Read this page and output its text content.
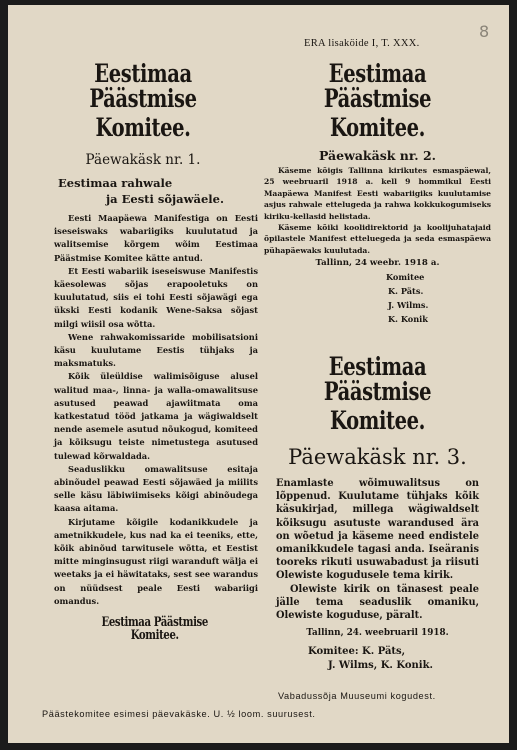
8
ERA lisaköide I, T. XXX.
Eestimaa Päästmise
Komitee.
Päewakäsk nr. 1.
Eestimaa rahwale
ja Eesti sõjawäele.

Eesti Maapäewa Manifestiga on Eesti iseseiswaks wabariigiks kuulutatud ja walitsemise kõrgem wõim Eestimaa Päästmise Komitee kätte antud.

Et Eesti wabariik iseseiswuse Manifestis käesolewas sõjas erapooletuks on kuulutatud, siis ei tohi Eesti sõjawägi ega ükski Eesti kodanik Wene-Saksa sõjast milgi wiisil osa wõtta.

Wene rahwakomissaride mobilisatsioni käsu kuulutame Eestis tühjaks ja maksmatuks.

Kõik üleüldise walimisõiguse alusel walitud maa-, linna- ja walla-omawalitsuse asutused peawad ajawiitmata oma katkestatud tööd jatkama ja wägiwaldselt nende asemele asutud nõukogud, komiteed ja kõiksugu teiste nimetustega asutused tulewad kõrwaldada.

Seaduslikku omawalitsuse esitaja abinõudel peawad Eesti sõjawäed ja miilits selle käsu läbiwiimiseks kõigi abinõudega kaasa aitama.

Kirjutame kõigile kodanikkudele ja ametnikkudele, kus nad ka ei teeniks, ette, kõik abinõud tarwitusele wõtta, et Eestist mitte minginsugust riigi waranduft wälja ei weetaks ja ei häwitataks, sest see warandus on nüüdsest peale Eesti wabariigi omandus.

Eestimaa Päästmise Komitee.
Eestimaa Päästmise
Komitee.
Päewakäsk nr. 2.

Käseme kõigis Tallinna kirikutes esmaspäewal, 25 weebruaril 1918 a. kell 9 hommikul Eesti Maapäewa Manifest Eesti wabariigiks kuulutamise asjus rahwale ettelugeda ja rahwa kokkukogumiseks kiriku-kellasid helistada.

Käseme kõiki koolidirektorid ja koolijuhatajaid õpilastele Manifest etteluegeda ja seda esmaspäewa pühapäewaks kuulutada.

Tallinn, 24 weebr. 1918 a.
Komitee
K. Päts.
J. Wilms.
K. Konik
Eestimaa Päästmise
Komitee.
Päewakäsk nr. 3.

Enamlaste wõimuwalitsus on lõppenud. Kuulutame tühjaks kõik käsukirjad, millega wägiwaldselt kõiksugu asutuste warandused ära on wõetud ja käseme need endistele omanikkudele tagasi anda. Iseäranis tooreks rikuti usuwabadust ja riisuti Olewiste kogudusele tema kirik.

Olewiste kirik on tänasest peale jälle tema seaduslik omaniku, Olewiste koguduse, päralt.

Tallinn, 24. weebruaril 1918.
Komitee: K. Päts,
J. Wilms, K. Konik.
Vabadussõja Muuseumi kogudest.
Päästekomitee esimesi päevakäske. U. ½ loom. suurusest.
